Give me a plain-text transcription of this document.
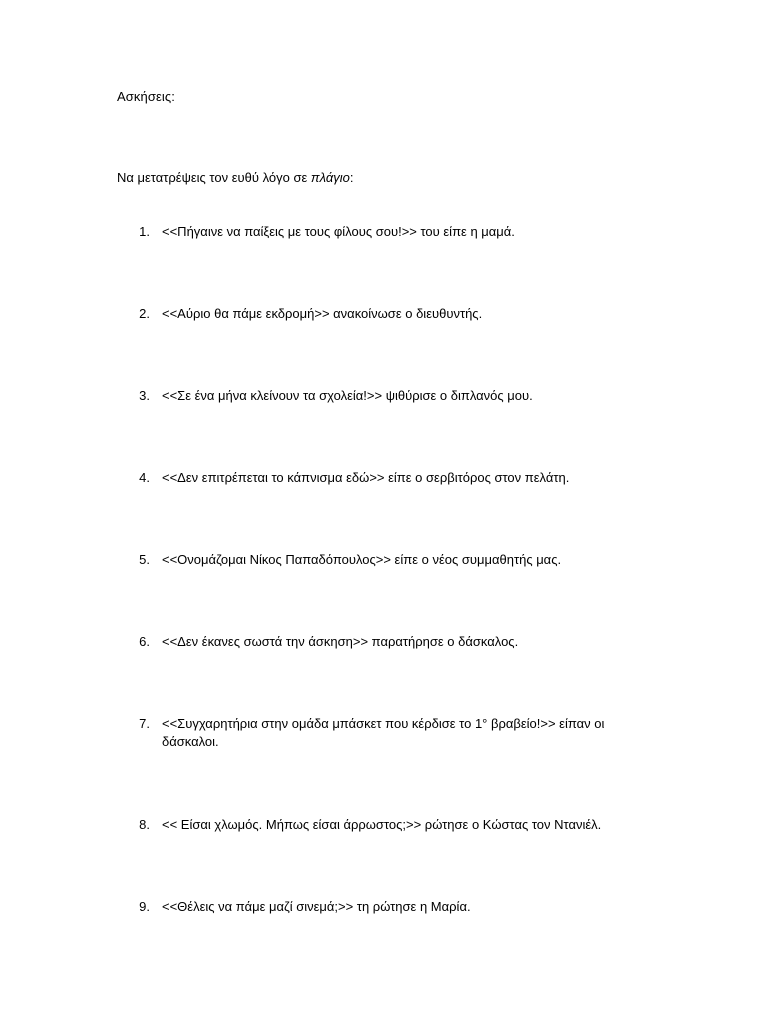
Ασκήσεις:
Να μετατρέψεις τον ευθύ λόγο σε πλάγιο:
1. <<Πήγαινε να παίξεις με τους φίλους σου!>> του είπε η μαμά.
2. <<Αύριο θα πάμε εκδρομή>> ανακοίνωσε ο διευθυντής.
3. <<Σε ένα μήνα κλείνουν τα σχολεία!>> ψιθύρισε ο διπλανός μου.
4. <<Δεν επιτρέπεται το κάπνισμα εδώ>> είπε ο σερβιτόρος στον πελάτη.
5. <<Ονομάζομαι Νίκος Παπαδόπουλος>> είπε ο νέος συμμαθητής μας.
6. <<Δεν έκανες σωστά την άσκηση>> παρατήρησε ο δάσκαλος.
7. <<Συγχαρητήρια στην ομάδα μπάσκετ που κέρδισε το 1° βραβείο!>> είπαν οι δάσκαλοι.
8. << Είσαι χλωμός. Μήπως είσαι άρρωστος;>> ρώτησε ο Κώστας τον Ντανιέλ.
9. <<Θέλεις να πάμε μαζί σινεμά;>> τη ρώτησε η Μαρία.
